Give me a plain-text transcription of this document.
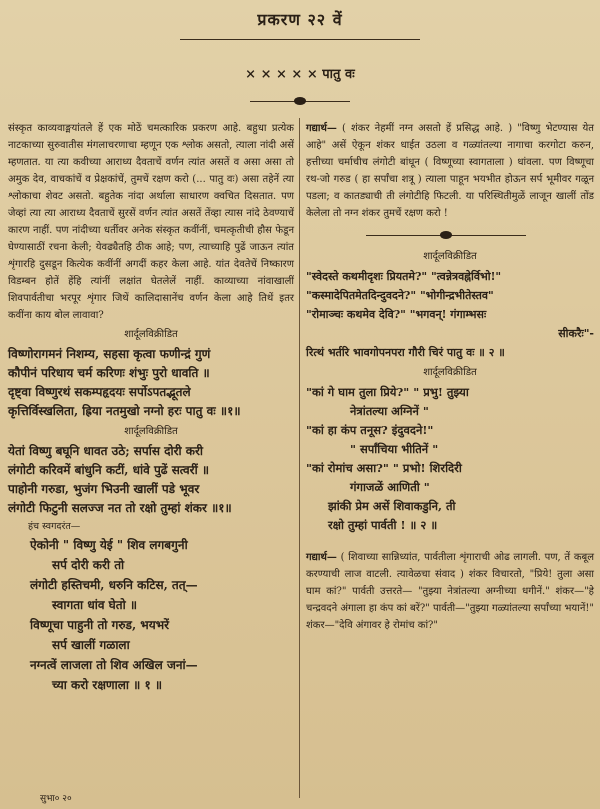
प्रकरण २२ वें
× × × × × पातु वः

संस्कृत काव्यवाङ्मयांतले हें एक मोठें चमत्कारिक प्रकरण आहे. बहुधा प्रत्येक नाटकाच्या सुरुवातीस मंगलाचरणाचा म्हणून एक श्लोक असतो, त्याला नांदी असें म्हणतात. या त्या कवीच्या आराध्य दैवताचें वर्णन त्यांत असतें व असा असा तो अमुक देव, वाचकांचें व प्रेक्षकांचें, तुमचें रक्षण करो (... पातु वः) असा तहेनें त्या श्लोकाचा शेवट असतो. बहुतेक नांदा अर्थाला साधारण क्वचित दिसतात. पण जेव्हां त्या त्या आराध्य दैवताचें सुरसें वर्णन त्यांत असतें तेंव्हा त्यास नांदे ठेवण्याचें कारण नाहीं. पण नांदीच्या धर्तीवर अनेक संस्कृत कवींनीं, चमत्कृतीची हौस फेडून घेण्यासाठीं रचना केली; येवढ्यैतहि ठीक आहे; पण, त्याच्याहि पुढें जाऊन त्यांत शृंगारहि दुसडून कित्येक कवींनीं अगदीं कहर केला आहे. यांत देवतेचें निष्कारण विडम्बन होतें हेंहि त्यांनीं लक्षांत घेतलेलें नाहीं. काव्याच्या नांवाखालीं शिवपार्वतीचा भरपूर शृंगार जिथें कालिदासानेंच वर्णन केला आहे तिथें इतर कवींना काय बोल लावावा?

शार्दूलविक्रीडित
विष्णोरागमनं निशम्य, सहसा कृत्वा फणीन्द्रं गुणं
कौपीनं परिधाय चर्म करिणः शंभुः पुरो धावति ॥
दृष्ट्वा विष्णुरथं सकम्पहृदयः सर्पोऽपतद्भूतले
कृत्तिर्विस्खलिता, ह्रिया नतमुखो नग्नो हरः पातु वः ॥१॥
शार्दूलविक्रीडित
येतां विष्णु बघूनि धावत उठे; सर्पास दोरी करी
लंगोटी करिवमें बांधुनि कटीं, धांवे पुढें सत्वरीं ॥
पाहोनी गरुडा, भुजंग भिउनी खालीं पडे भूवर
लंगोटी फिटुनी सलज्ज नत तो रक्षो तुम्हां शंकर ॥१॥
हंच स्वगदरंत—
ऐकोनी " विष्णु येई " शिव लगबगुनी
सर्प दोरी करी तो
लंगोटी हस्तिचमी, धरुनि कटिस, तत्—
स्वागता धांव घेतो ॥
विष्णूचा पाहुनी तो गरुड, भयभरें
सर्प खालीं गळाला
नग्नत्वें लाजला तो शिव अखिल जनां—
च्या करो रक्षणाला ॥ १ ॥

गद्यार्थ— ( शंकर नेहमीं नग्न असतो हें प्रसिद्ध आहे. ) "विष्णु भेटण्यास येत आहे" असें ऐकून शंकर धाईत उठला व गळ्यांतल्या नागाचा करगोटा करुन, हत्तीच्या चर्माचीच लंगोटी बांधून ( विष्णूच्या स्वागताला ) धांवला. पण विष्णूचा रथ-जो गरुड ( हा सर्पांचा शत्रू ) त्याला पाहून भयभीत होऊन सर्प भूमीवर गळून पडला; व कातड्याची ती लंगोटीहि फिटली. या परिस्थितीमुळें लाजून खालीं तोंड केलेला तो नग्न शंकर तुमचें रक्षण करो !

शार्दूलविक्रीडित
"स्वेदस्ते कथमीदृशः प्रियतमे?" "त्वन्नेत्रवह्नेर्विभो!"
"कस्मादेपितमेतदिन्दुवदने?" "भोगीन्द्रभीतेस्तव"
"रोमाञ्चः कथमेव देवि?" "भगवन्! गंगाम्भसः
सीकरैः"-
रित्थं भर्तरि भावगोपनपरा गौरी चिरं पातु वः ॥ २ ॥
शार्दूलविक्रीडित
"कां गे घाम तुला प्रिये?" " प्रभु! तुझ्या
नेत्रांतल्या अग्निनें "
"कां हा कंप तनूस? इंदुवदने!"
" सर्पांचिया भीतिनें "
"कां रोमांच असा?" " प्रभो! शिरदिरी
गंगाजळें आणिती "
झांकी प्रेम असें शिवाकडुनि, ती
रक्षो तुम्हां पार्वती ! ॥ २ ॥

गद्यार्थ— ( शिवाच्या सान्निध्यांत, पार्वतीला शृंगाराची ओढ लागली. पण, तें कबूल करण्याची लाज वाटली. त्यावेळचा संवाद ) शंकर विचारतो, "प्रिये! तुला असा घाम कां?" पार्वती उत्तरते— "तुझ्या नेत्रांतल्या अग्नीच्या धगीनें." शंकर—"हे चन्द्रवदने अंगाला हा कंप कां बरें?" पार्वती—"तुझ्या गळ्यांतल्या सर्पांच्या भयानें!" शंकर—"देवि अंगावर हे रोमांच कां?"

सुभा० २०
